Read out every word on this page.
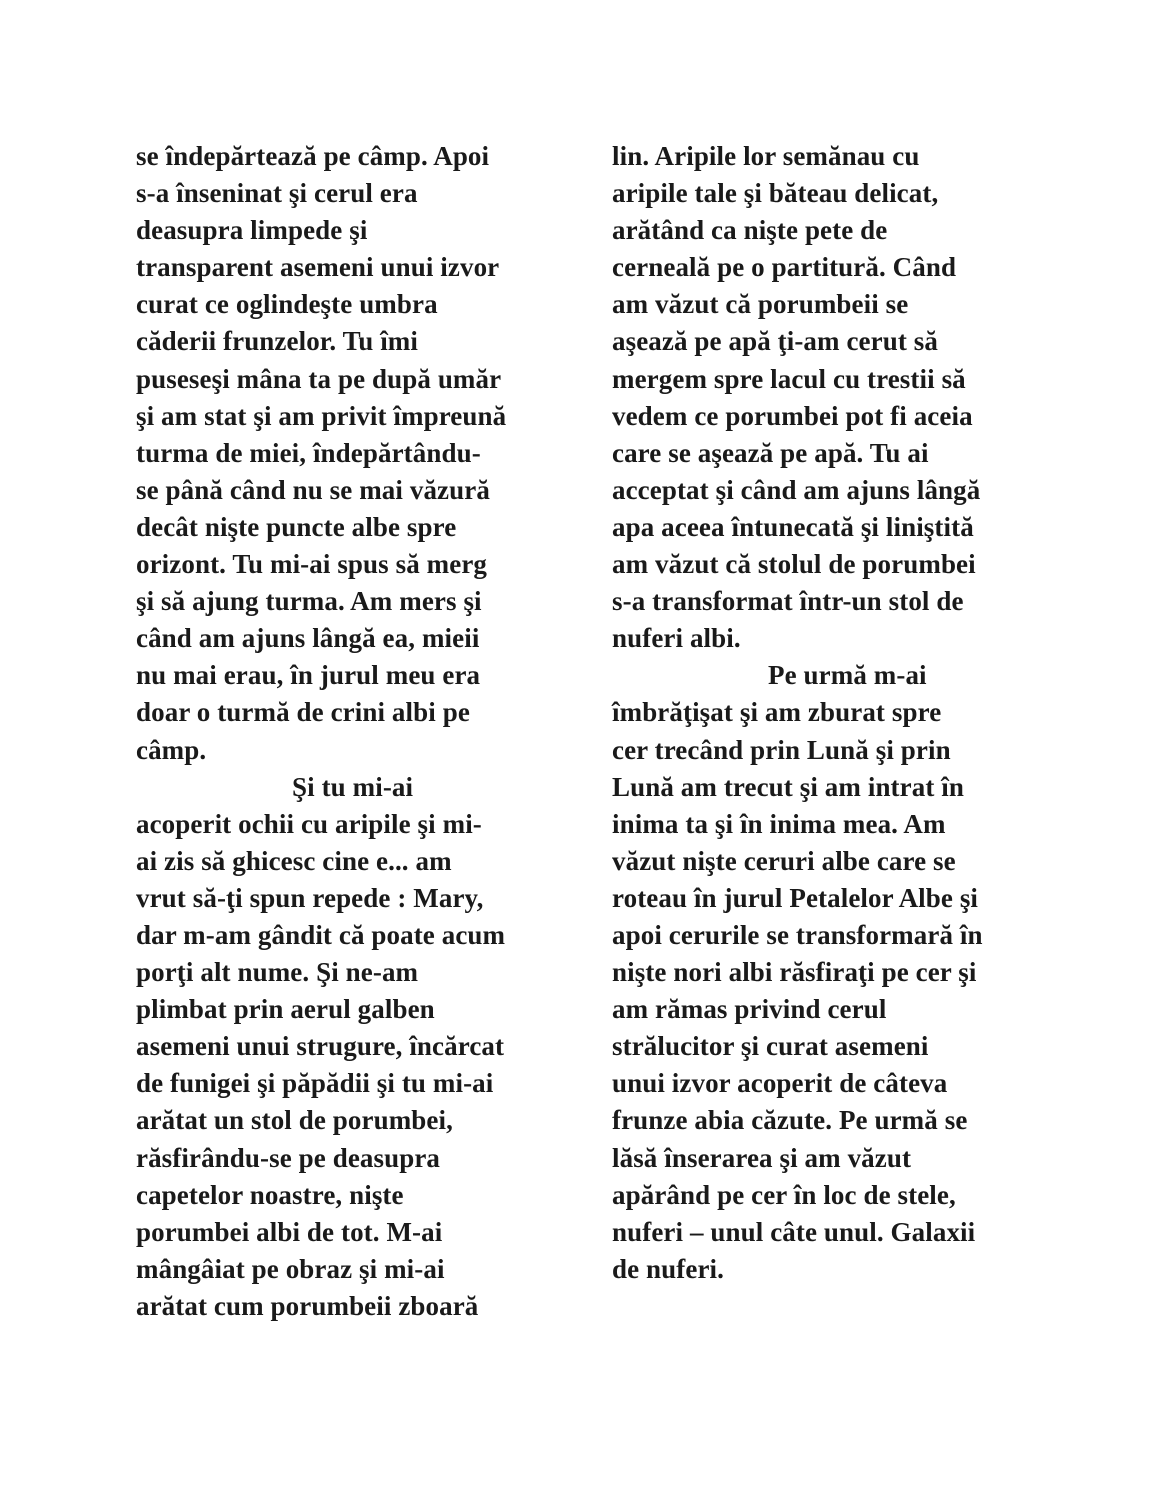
se îndepărtează pe câmp. Apoi
s-a înseninat şi cerul era
deasupra limpede şi
transparent asemeni unui izvor
curat ce oglindeşte umbra
căderii frunzelor. Tu îmi
puseseşi mâna ta pe după umăr
şi am stat şi am privit împreună
turma de miei, îndepărtându-
se până când nu se mai văzură
decât nişte puncte albe spre
orizont. Tu mi-ai spus să merg
şi să ajung turma. Am mers şi
când am ajuns lângă ea, mieii
nu mai erau, în jurul meu era
doar o turmă de crini albi pe
câmp.
Şi tu mi-ai
acoperit ochii cu aripile şi mi-
ai zis să ghicesc cine e... am
vrut să-ţi spun repede : Mary,
dar m-am gândit că poate acum
porţi alt nume. Şi ne-am
plimbat prin aerul galben
asemeni unui strugure, încărcat
de funigei şi păpădii şi tu mi-ai
arătat un stol de porumbei,
răsfirându-se pe deasupra
capetelor noastre, nişte
porumbei albi de tot. M-ai
mângâiat pe obraz şi mi-ai
arătat cum porumbeii zboară
lin. Aripile lor semănau cu
aripile tale şi băteau delicat,
arătând ca nişte pete de
cerneală pe o partitură. Când
am văzut că porumbeii se
aşează pe apă ţi-am cerut să
mergem spre lacul cu trestii să
vedem ce porumbei pot fi aceia
care se aşează pe apă. Tu ai
acceptat şi când am ajuns lângă
apa aceea întunecată şi liniştită
am văzut că stolul de porumbei
s-a transformat într-un stol de
nuferi albi.
Pe urmă m-ai
îmbrăţişat şi am zburat spre
cer trecând prin Lună şi prin
Lună am trecut şi am intrat în
inima ta şi în inima mea. Am
văzut nişte ceruri albe care se
roteau în jurul Petalelor Albe şi
apoi cerurile se transformară în
nişte nori albi răsfiraţi pe cer şi
am rămas privind cerul
strălucitor şi curat asemeni
unui izvor acoperit de câteva
frunze abia căzute. Pe urmă se
lăsă înserarea şi am văzut
apărând pe cer în loc de stele,
nuferi – unul câte unul. Galaxii
de nuferi.
